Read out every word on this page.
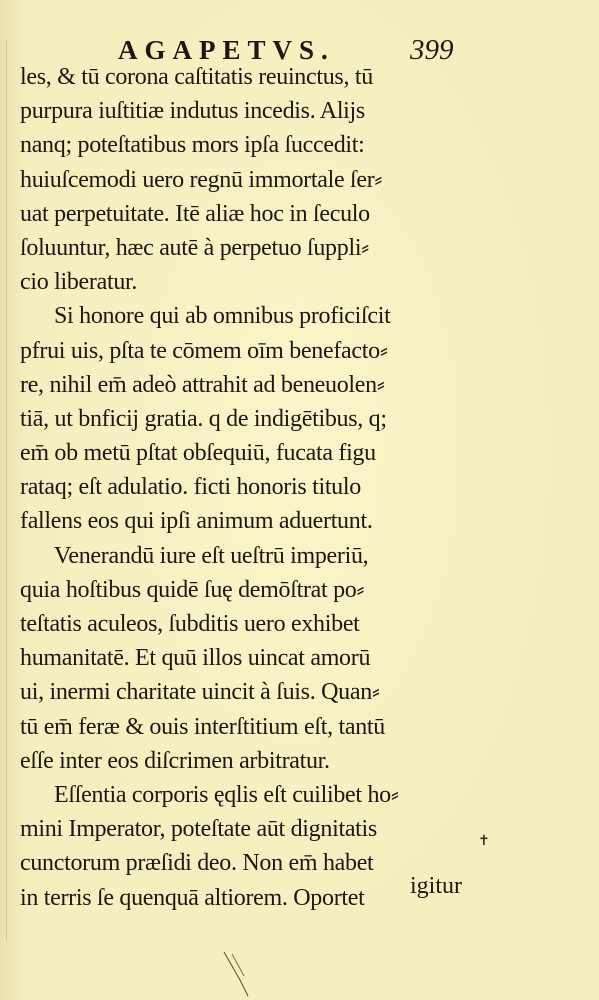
AGAPETVS.	399
les, & tū corona caſtitatis reuinctus, tū
purpura iuſtitiæ indutus incedis. Alijs
nanq; poteſtatibus mors ipſa ſuccedit:
huiuſcemodi uero regnū immortale ſer⸗
uat perpetuitate. Itē aliæ hoc in ſeculo
ſoluuntur, hæc autē à perpetuo ſuppli⸗
cio liberatur.
Si honore qui ab omnibus proficiſcit
pfrui uis, pſta te cōmem oīm benefacto⸗
re, nihil em̄ adeò attrahit ad beneuolen⸗
tiā, ut bnficij gratia. q de indigētibus, q;
em̄ ob metū pſtat obſequiū, fucata figu
rataq; eſt adulatio. ficti honoris titulo
fallens eos qui ipſi animum aduertunt.
Venerandū iure eſt ueſtrū imperiū,
quia hoſtibus quidē ſuę demōſtrat po⸗
teſtatis aculeos, ſubditis uero exhibet
humanitatē. Et quū illos uincat amorū
ui, inermi charitate uincit à ſuis. Quan⸗
tū em̄ feræ & ouis interſtitium eſt, tantū
eſſe inter eos diſcrimen arbitratur.
Eſſentia corporis ęqlis eſt cuilibet ho⸗
mini Imperator, poteſtate aūt dignitatis
cunctorum præſidi deo. Non em̄ habet
in terris ſe quenquā altiorem. Oportet
✝
igitur
